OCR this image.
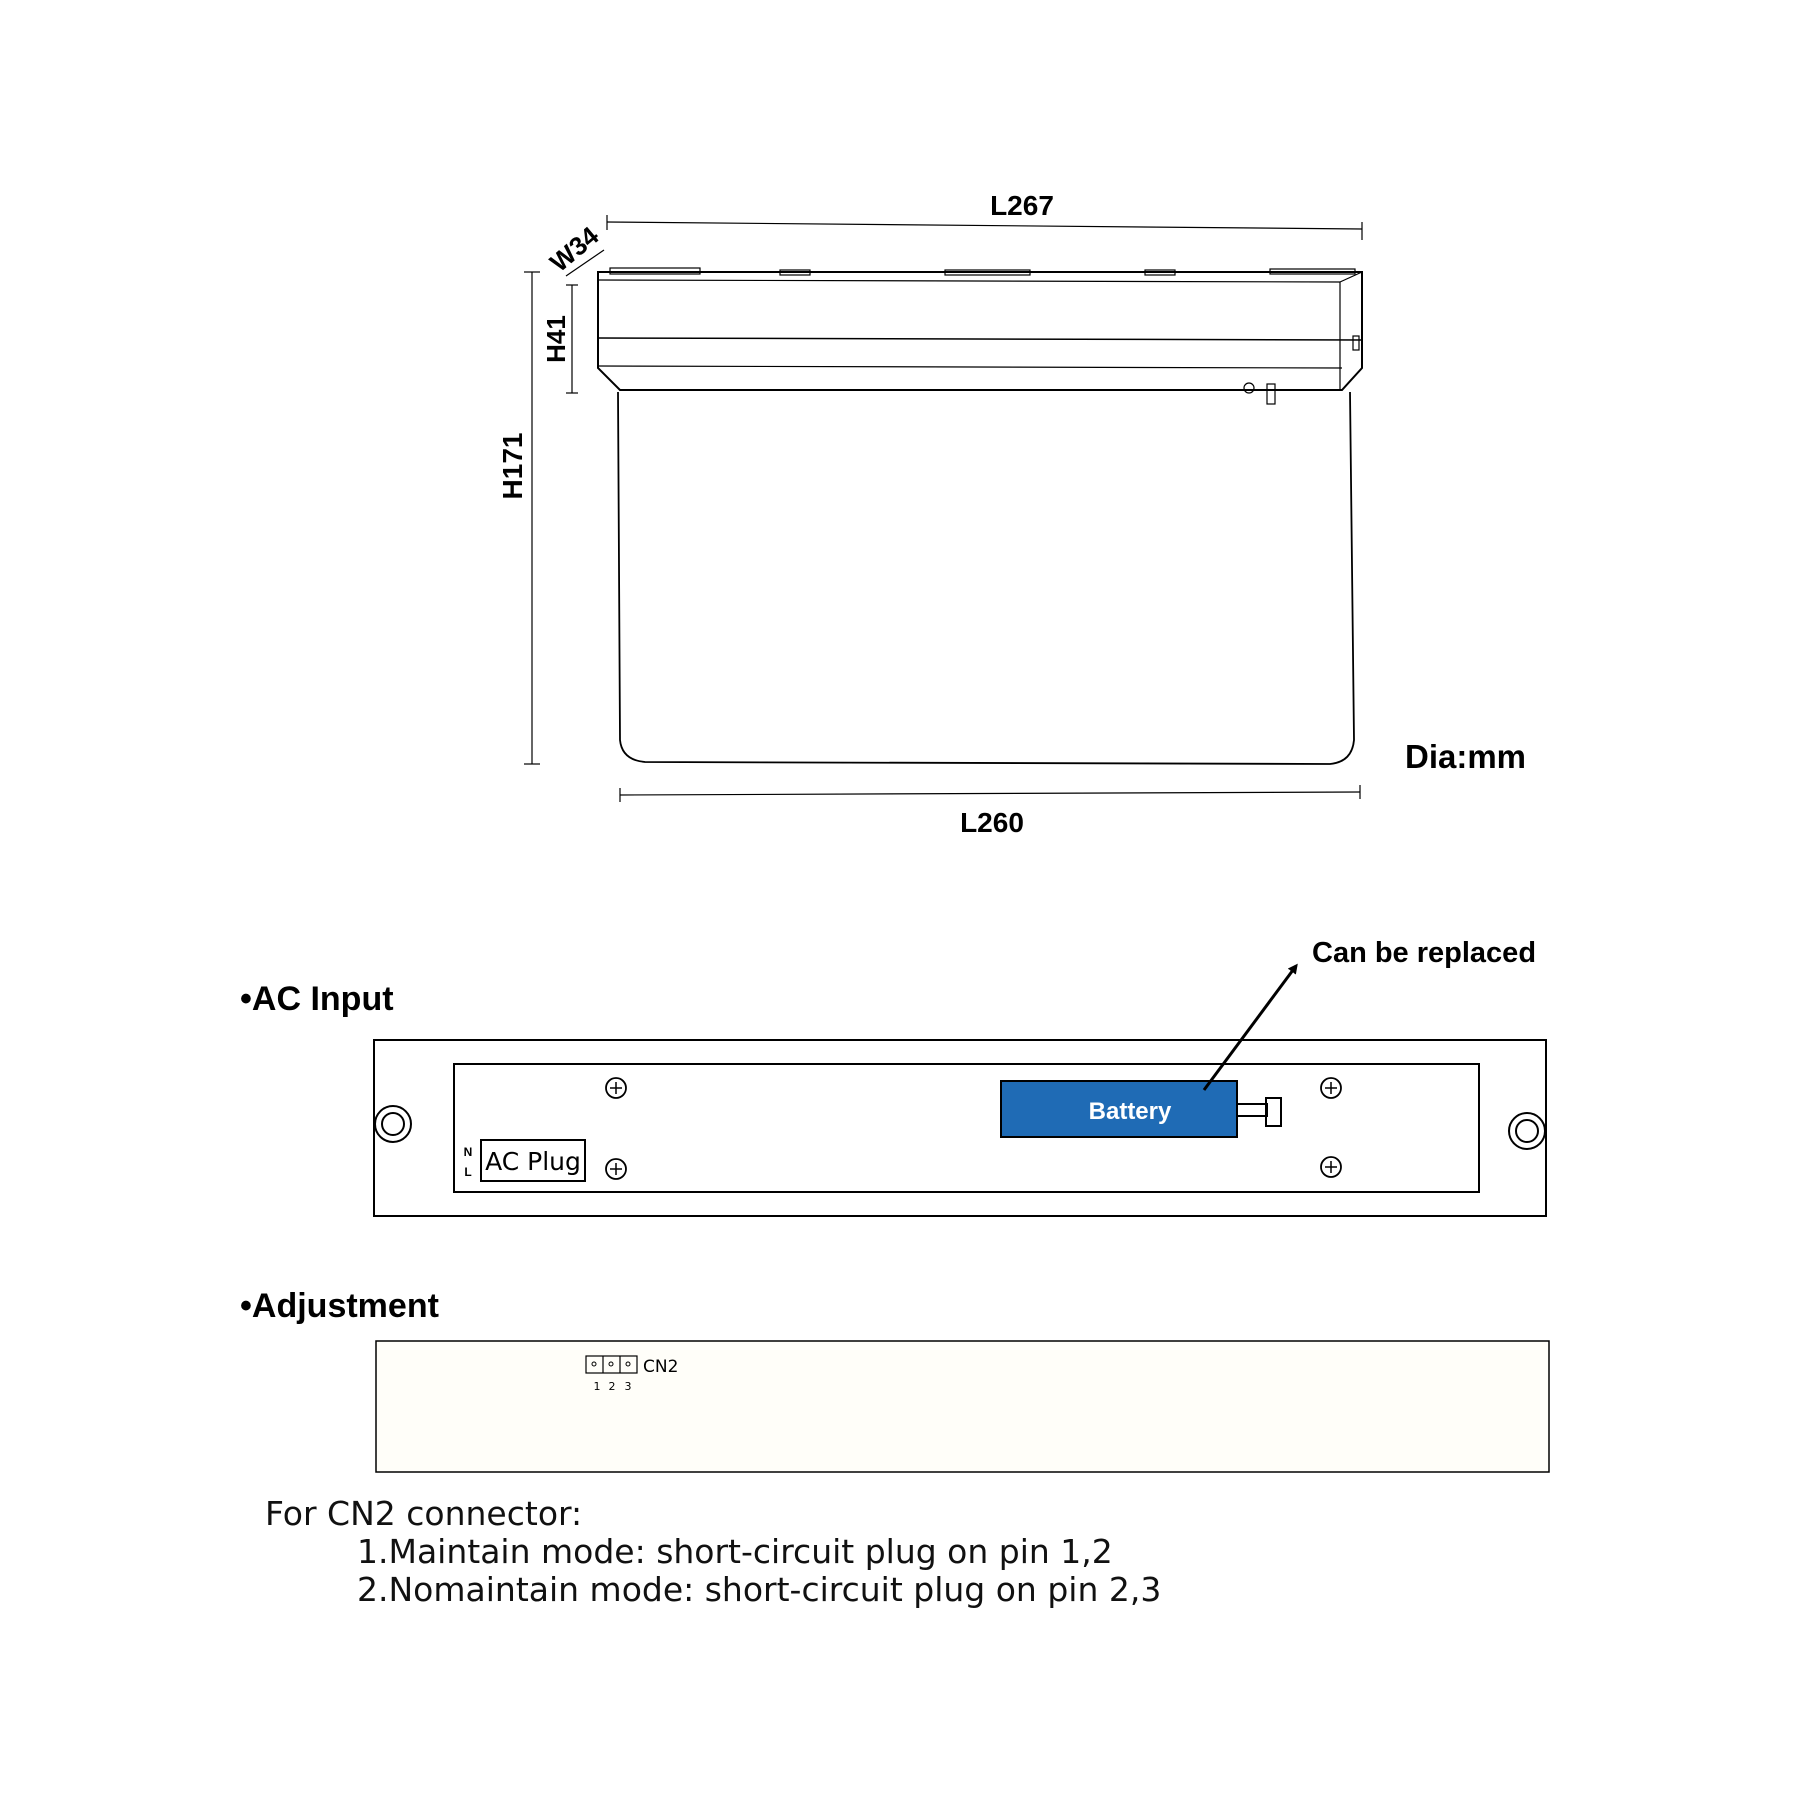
L267
W34
H41
H171
L260
Dia:mm
•AC Input
Can be replaced
AC Plug
N
L
Battery
•Adjustment
CN2
1 2 3
For CN2 connector:
1.Maintain mode: short-circuit plug on pin 1,2
2.Nomaintain mode: short-circuit plug on pin 2,3
